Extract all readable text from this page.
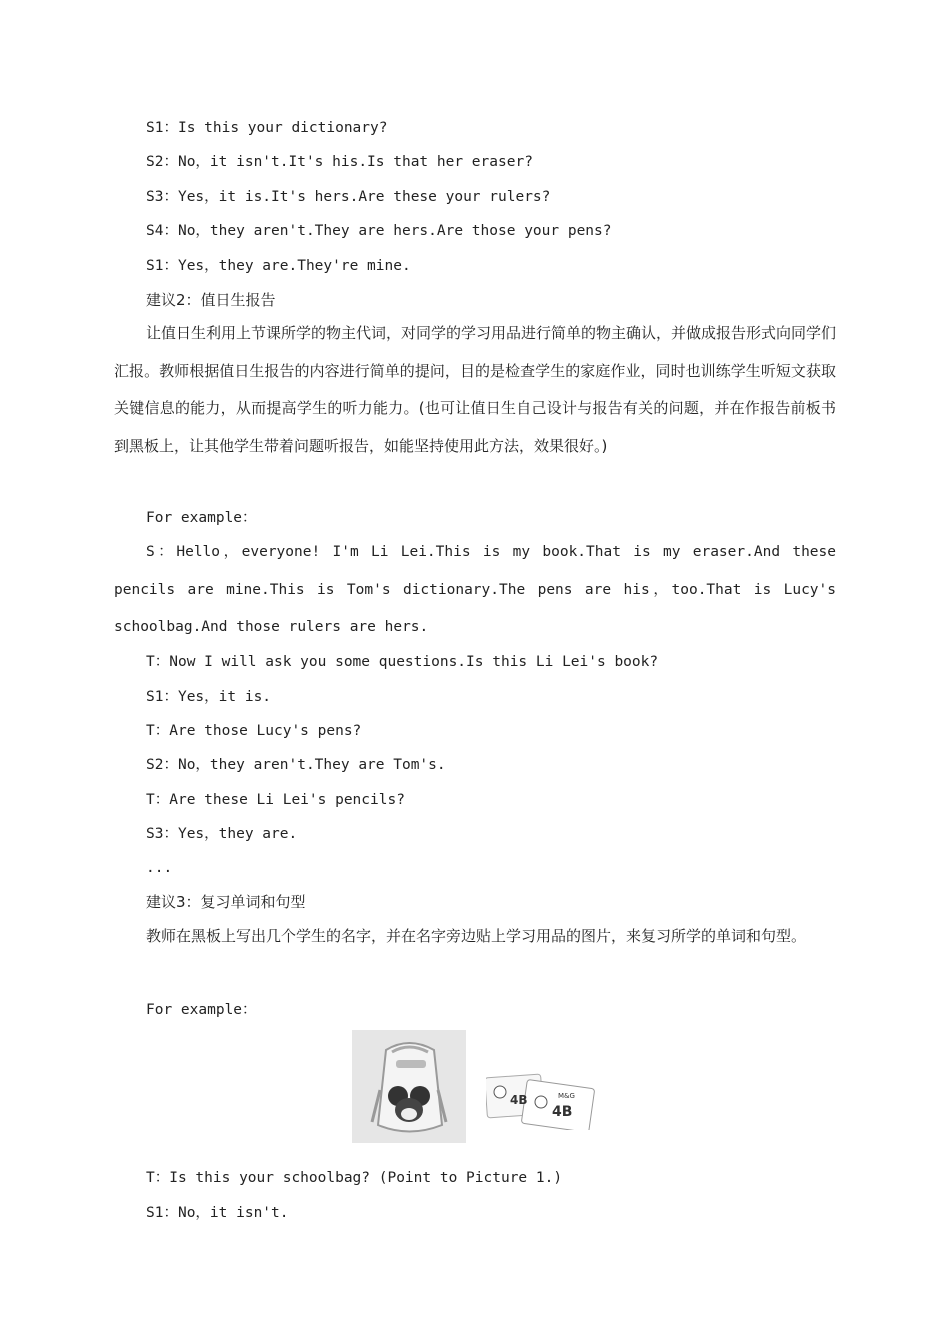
S1：Is this your dictionary?
S2：No，it isn't.It's his.Is that her eraser?
S3：Yes，it is.It's hers.Are these your rulers?
S4：No，they aren't.They are hers.Are those your pens?
S1：Yes，they are.They're mine.
建议2：值日生报告
让值日生利用上节课所学的物主代词，对同学的学习用品进行简单的物主确认，并做成报告形式向同学们汇报。教师根据值日生报告的内容进行简单的提问，目的是检查学生的家庭作业，同时也训练学生听短文获取关键信息的能力，从而提高学生的听力能力。(也可让值日生自己设计与报告有关的问题，并在作报告前板书到黑板上，让其他学生带着问题听报告，如能坚持使用此方法，效果很好。)
For example：
S：Hello，everyone! I'm Li Lei.This is my book.That is my eraser.And these pencils are mine.This is Tom's dictionary.The pens are his，too.That is Lucy's schoolbag.And those rulers are hers.
T：Now I will ask you some questions.Is this Li Lei's book?
S1：Yes，it is.
T：Are those Lucy's pens?
S2：No，they aren't.They are Tom's.
T：Are these Li Lei's pencils?
S3：Yes，they are.
...
建议3：复习单词和句型
教师在黑板上写出几个学生的名字，并在名字旁边贴上学习用品的图片，来复习所学的单词和句型。
For example：
M&G
4B
4B
T：Is this your schoolbag? (Point to Picture 1.)
S1：No，it isn't.
